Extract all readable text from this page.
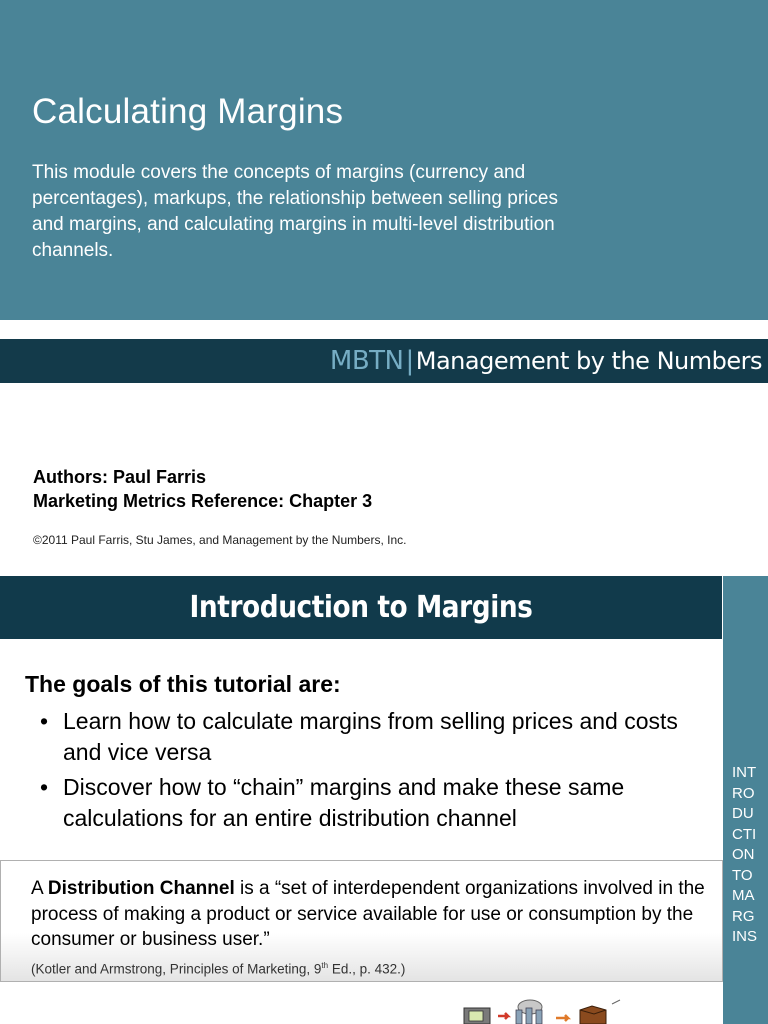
Calculating Margins

This module covers the concepts of margins (currency and percentages), markups, the relationship between selling prices and margins, and calculating margins in multi-level distribution channels.

MBTN | Management by the Numbers
Authors: Paul Farris
Marketing Metrics Reference: Chapter 3
©2011 Paul Farris, Stu James, and Management by the Numbers, Inc.
Introduction to Margins
INT
RO
DU
CTI
ON
TO
MA
RG
INS
The goals of this tutorial are:
• Learn how to calculate margins from selling prices and costs and vice versa
• Discover how to “chain” margins and make these same calculations for an entire distribution channel

A Distribution Channel is a “set of interdependent organizations involved in the process of making a product or service available for use or consumption by the consumer or business user.”

(Kotler and Armstrong, Principles of Marketing, 9th Ed., p. 432.)
